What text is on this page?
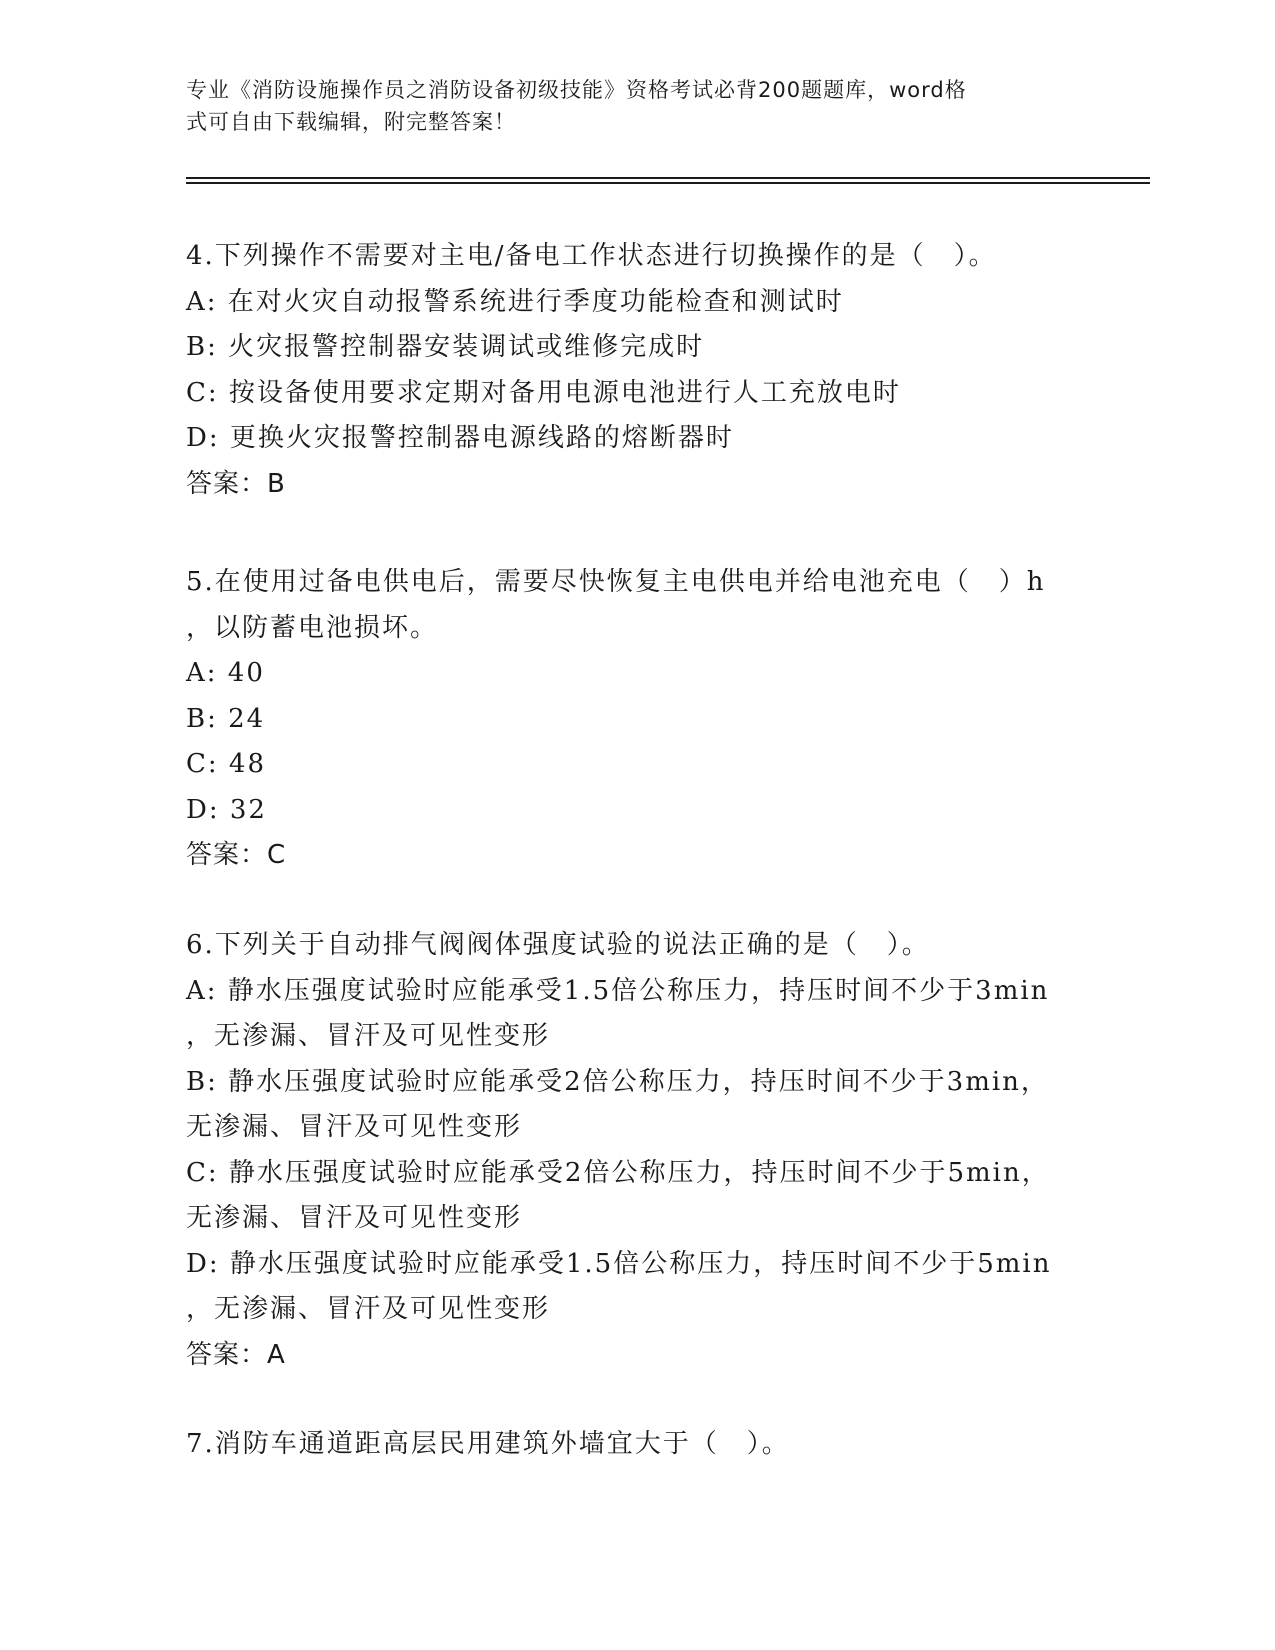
专业《消防设施操作员之消防设备初级技能》资格考试必背200题题库，word格

式可自由下载编辑，附完整答案！

4.下列操作不需要对主电/备电工作状态进行切换操作的是（　）。

A: 在对火灾自动报警系统进行季度功能检查和测试时

B: 火灾报警控制器安装调试或维修完成时

C: 按设备使用要求定期对备用电源电池进行人工充放电时

D: 更换火灾报警控制器电源线路的熔断器时

答案：B

5.在使用过备电供电后，需要尽快恢复主电供电并给电池充电（　）h

，以防蓄电池损坏。

A: 40

B: 24

C: 48

D: 32

答案：C

6.下列关于自动排气阀阀体强度试验的说法正确的是（　）。

A: 静水压强度试验时应能承受1.5倍公称压力，持压时间不少于3min

，无渗漏、冒汗及可见性变形

B: 静水压强度试验时应能承受2倍公称压力，持压时间不少于3min，

无渗漏、冒汗及可见性变形

C: 静水压强度试验时应能承受2倍公称压力，持压时间不少于5min，

无渗漏、冒汗及可见性变形

D: 静水压强度试验时应能承受1.5倍公称压力，持压时间不少于5min

，无渗漏、冒汗及可见性变形

答案：A

7.消防车通道距高层民用建筑外墙宜大于（　）。
